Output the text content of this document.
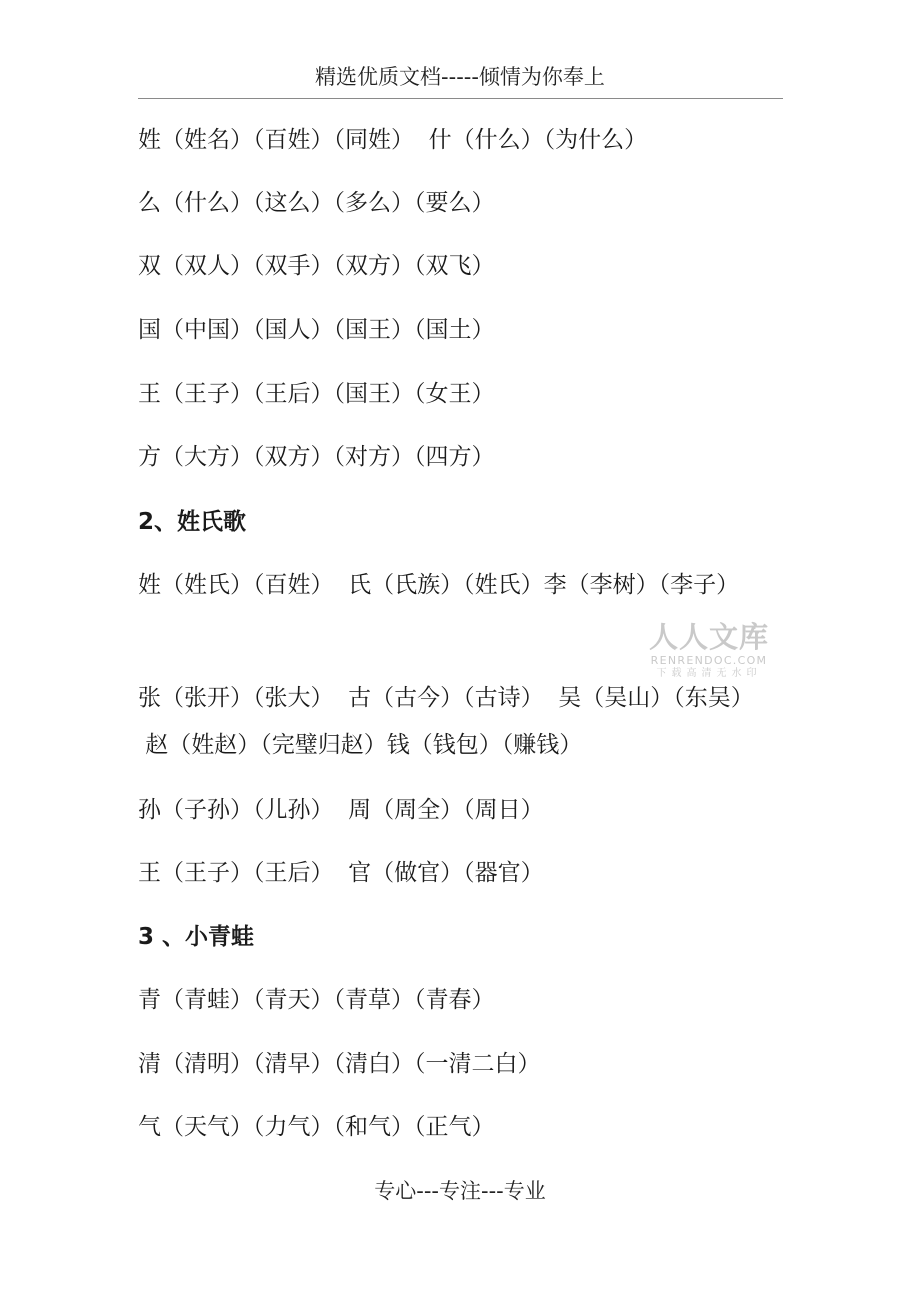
精选优质文档-----倾情为你奉上
姓（姓名）（百姓）（同姓）  什（什么）（为什么）
么（什么）（这么）（多么）（要么）
双（双人）（双手）（双方）（双飞）
国（中国）（国人）（国王）（国土）
王（王子）（王后）（国王）（女王）
方（大方）（双方）（对方）（四方）
2、姓氏歌
姓（姓氏）（百姓）  氏（氏族）（姓氏）李（李树）（李子）
人人文库
RENRENDOC.COM
下载高清无水印
张（张开）（张大）  古（古今）（古诗）  吴（吴山）（东吴）
赵（姓赵）（完璧归赵）钱（钱包）（赚钱）
孙（子孙）（儿孙）  周（周全）（周日）
王（王子）（王后）  官（做官）（器官）
3 、小青蛙
青（青蛙）（青天）（青草）（青春）
清（清明）（清早）（清白）（一清二白）
气（天气）（力气）（和气）（正气）
专心---专注---专业
